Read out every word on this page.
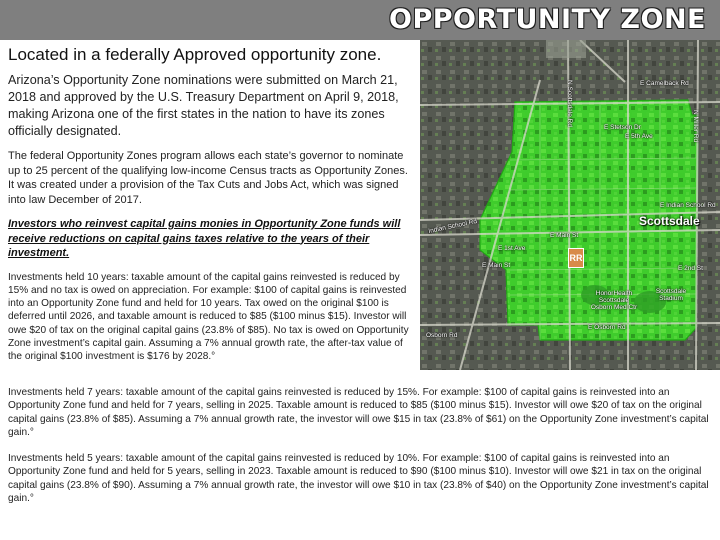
OPPORTUNITY ZONE

Located in a federally Approved opportunity zone.

Arizona’s Opportunity Zone nominations were submitted on March 21, 2018 and approved by the U.S. Treasury Department on April 9, 2018, making Arizona one of the first states in the nation to have its zones officially designated.

The federal Opportunity Zones program allows each state’s governor to nominate up to 25 percent of the qualifying low-income Census tracts as Opportunity Zones. It was created under a provision of the Tax Cuts and Jobs Act, which was signed into law December of 2017.

Investors who reinvest capital gains monies in Opportunity Zone funds will receive reductions on capital gains taxes relative to the years of their investment.

Investments held 10 years: taxable amount of the capital gains reinvested is reduced by 15% and no tax is owed on appreciation. For example: $100 of capital gains is reinvested into an Opportunity Zone fund and held for 10 years. Tax owed on the original $100 is deferred until 2026, and taxable amount is reduced to $85 ($100 minus $15). Investor will owe $20 of tax on the original capital gains (23.8% of $85). No tax is owed on Opportunity Zone investment’s capital gain. Assuming a 7% annual growth rate, the after-tax value of the original $100 investment is $176 by 2028.°

E Camelback Rd
E Stetson Dr
E 5th Ave
Indian School Rd
E Indian School Rd
E 1st Ave
E Main St
E Main St
E 2nd St
E Osborn Rd
Osborn Rd
N Scottsdale Rd	N Miller Rd
Scottsdale Stadium
HonorHealth Scottsdale Osborn Med Ctr
Scottsdale
RR

Investments held 7 years: taxable amount of the capital gains reinvested is reduced by 15%. For example: $100 of capital gains is reinvested into an Opportunity Zone fund and held for 7 years, selling in 2025. Taxable amount is reduced to $85 ($100 minus $15). Investor will owe $20 of tax on the original capital gains (23.8% of $85). Assuming a 7% annual growth rate, the investor will owe $15 in tax (23.8% of $61) on the Opportunity Zone investment’s capital gain.°

Investments held 5 years: taxable amount of the capital gains reinvested is reduced by 10%. For example: $100 of capital gains is reinvested into an Opportunity Zone fund and held for 5 years, selling in 2023. Taxable amount is reduced to $90 ($100 minus $10). Investor will owe $21 in tax on the original capital gains (23.8% of $90). Assuming a 7% annual growth rate, the investor will owe $10 in tax (23.8% of $40) on the Opportunity Zone investment’s capital gain.°
